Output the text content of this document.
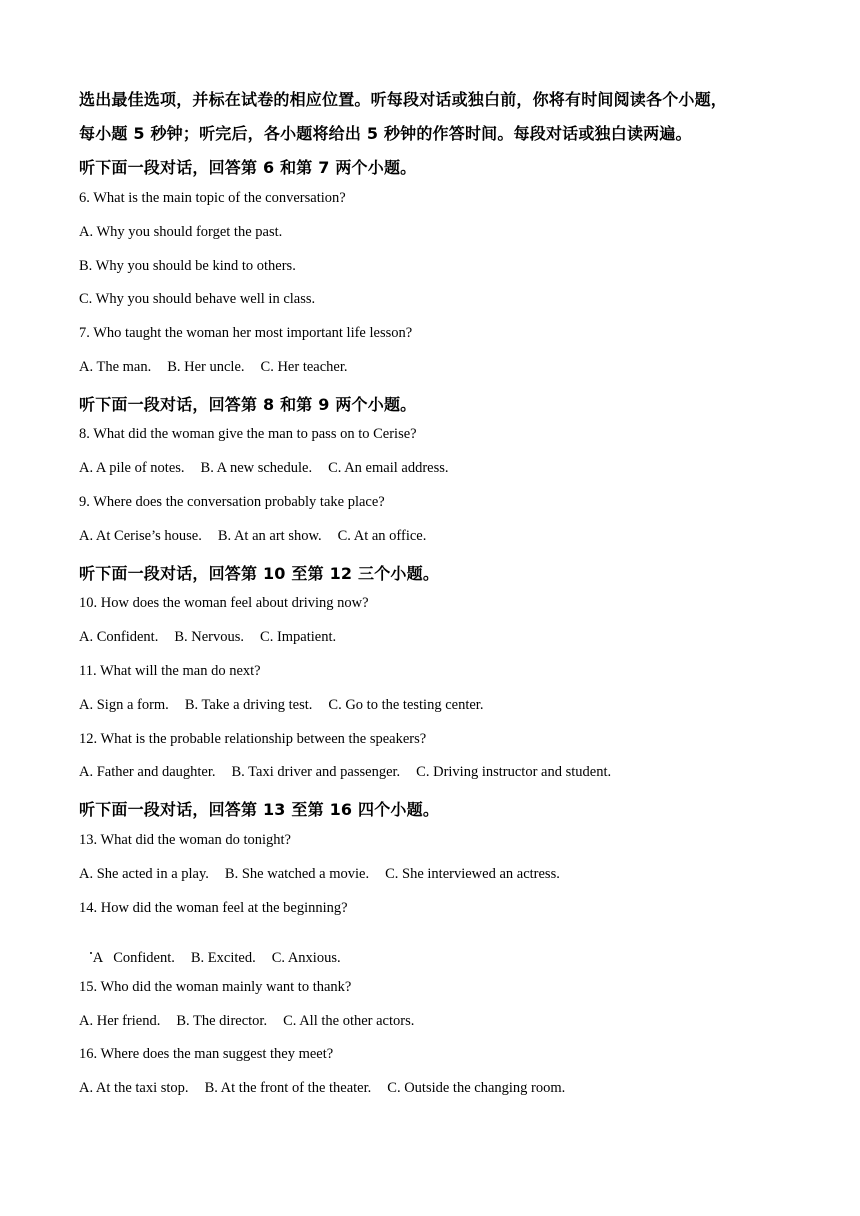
选出最佳选项，并标在试卷的相应位置。听每段对话或独白前，你将有时间阅读各个小题，
每小题 5 秒钟；听完后，各小题将给出 5 秒钟的作答时间。每段对话或独白读两遍。
听下面一段对话，回答第 6 和第 7 两个小题。
6. What is the main topic of the conversation?
A. Why you should forget the past.
B. Why you should be kind to others.
C. Why you should behave well in class.
7. Who taught the woman her most important life lesson?
A. The man. B. Her uncle. C. Her teacher.
听下面一段对话，回答第 8 和第 9 两个小题。
8. What did the woman give the man to pass on to Cerise?
A. A pile of notes. B. A new schedule. C. An email address.
9. Where does the conversation probably take place?
A. At Cerise’s house. B. At an art show. C. At an office.
听下面一段对话，回答第 10 至第 12 三个小题。
10. How does the woman feel about driving now?
A. Confident. B. Nervous. C. Impatient.
11. What will the man do next?
A. Sign a form. B. Take a driving test. C. Go to the testing center.
12. What is the probable relationship between the speakers?
A. Father and daughter. B. Taxi driver and passenger. C. Driving instructor and student.
听下面一段对话，回答第 13 至第 16 四个小题。
13. What did the woman do tonight?
A. She acted in a play. B. She watched a movie. C. She interviewed an actress.
14. How did the woman feel at the beginning?

A   Confident. B. Excited. C. Anxious.

15. Who did the woman mainly want to thank?
A. Her friend. B. The director. C. All the other actors.
16. Where does the man suggest they meet?
A. At the taxi stop. B. At the front of the theater. C. Outside the changing room.
